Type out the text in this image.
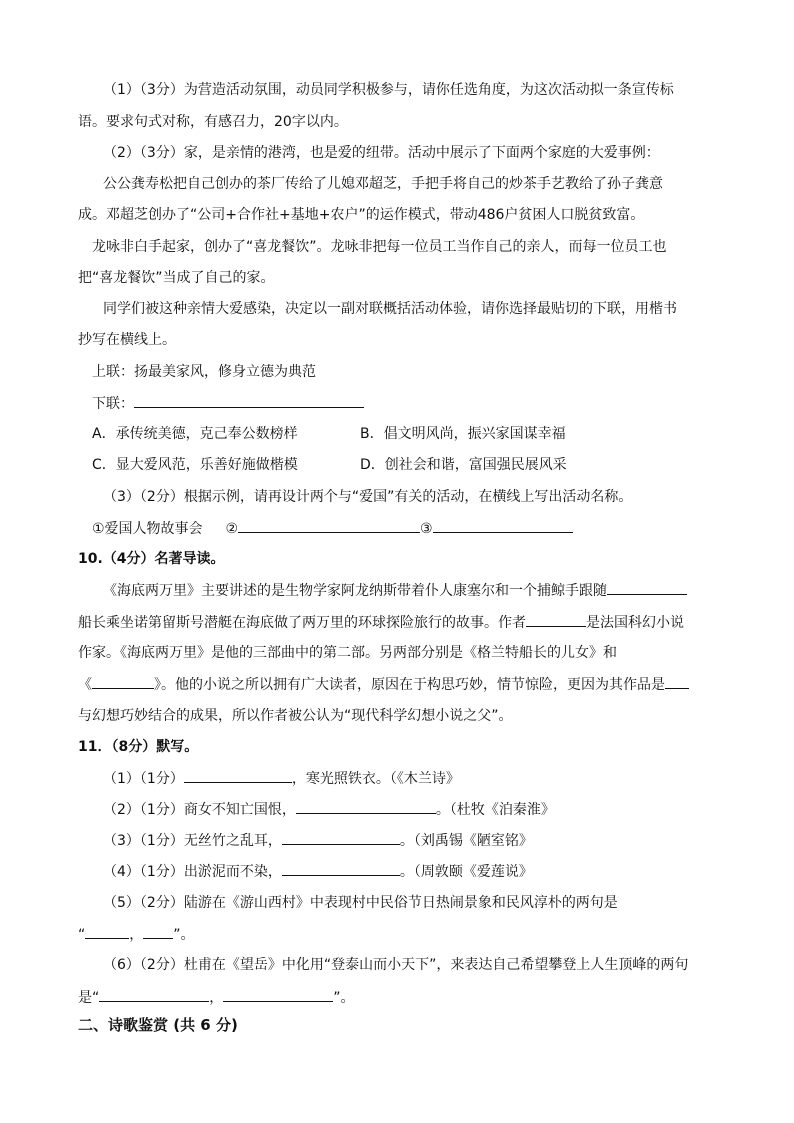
（1）（3分）为营造活动氛围，动员同学积极参与，请你任选角度，为这次活动拟一条宣传标
语。要求句式对称，有感召力，20字以内。
（2）（3分）家，是亲情的港湾，也是爱的纽带。活动中展示了下面两个家庭的大爱事例：
公公龚寿松把自己创办的茶厂传给了儿媳邓超芝，手把手将自己的炒茶手艺教给了孙子龚意
成。邓超芝创办了“公司+合作社+基地+农户”的运作模式，带动486户贫困人口脱贫致富。
龙咏非白手起家，创办了“喜龙餐饮”。龙咏非把每一位员工当作自己的亲人，而每一位员工也
把“喜龙餐饮”当成了自己的家。
同学们被这种亲情大爱感染，决定以一副对联概括活动体验，请你选择最贴切的下联，用楷书
抄写在横线上。
上联：扬最美家风，修身立德为典范
下联：
A．承传统美德，克己奉公数榜样	B．倡文明风尚，振兴家国谋幸福
C．显大爱风范，乐善好施做楷模	D．创社会和谐，富国强民展风采
（3）（2分）根据示例，请再设计两个与“爱国”有关的活动，在横线上写出活动名称。
①爱国人物故事会 ②	③
10.（4分）名著导读。
《海底两万里》主要讲述的是生物学家阿龙纳斯带着仆人康塞尔和一个捕鲸手跟随
船长乘坐诺第留斯号潜艇在海底做了两万里的环球探险旅行的故事。作者	是法国科幻小说
作家。《海底两万里》是他的三部曲中的第二部。另两部分别是《格兰特船长的儿女》和
《	》。他的小说之所以拥有广大读者，原因在于构思巧妙，情节惊险，更因为其作品是
与幻想巧妙结合的成果，所以作者被公认为“现代科学幻想小说之父”。
11．（8分）默写。
（1）（1分）	，寒光照铁衣。（《木兰诗》
（2）（1分）商女不知亡国恨，	。（杜牧《泊秦淮》
（3）（1分）无丝竹之乱耳，	。（刘禹锡《陋室铭》
（4）（1分）出淤泥而不染，	。（周敦颐《爱莲说》
（5）（2分）陆游在《游山西村》中表现村中民俗节日热闹景象和民风淳朴的两句是
“	， ”。
（6）（2分）杜甫在《望岳》中化用“登泰山而小天下”，来表达自己希望攀登上人生顶峰的两句
是“	，	”。
二、诗歌鉴赏 (共 6 分)
